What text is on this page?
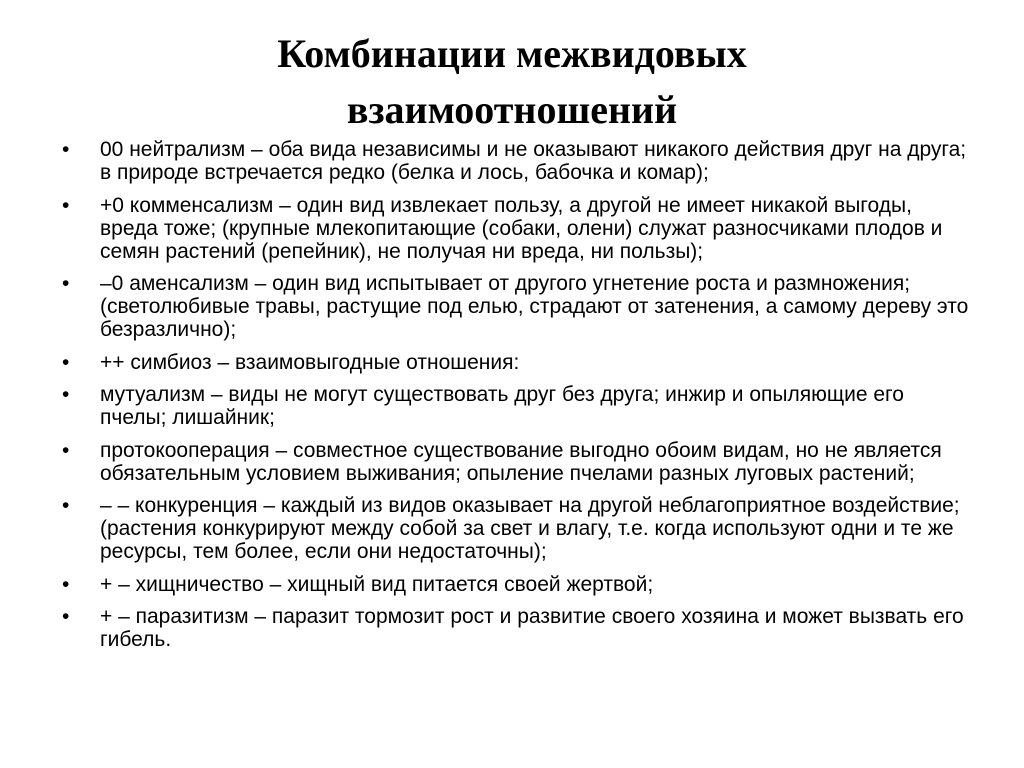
Комбинации межвидовых взаимоотношений
• 00 нейтрализм – оба вида независимы и не оказывают никакого действия друг на друга; в природе встречается редко (белка и лось, бабочка и комар);
• +0 комменсализм – один вид извлекает пользу, а другой не имеет никакой выгоды, вреда тоже; (крупные млекопитающие (собаки, олени) служат разносчиками плодов и семян растений (репейник), не получая ни вреда, ни пользы);
• –0 аменсализм – один вид испытывает от другого угнетение роста и размножения; (светолюбивые травы, растущие под елью, страдают от затенения, а самому дереву это безразлично);
• ++ симбиоз – взаимовыгодные отношения:
• мутуализм – виды не могут существовать друг без друга; инжир и опыляющие его пчелы; лишайник;
• протокооперация – совместное существование выгодно обоим видам, но не является обязательным условием выживания; опыление пчелами разных луговых растений;
• – – конкуренция – каждый из видов оказывает на другой неблагоприятное воздействие; (растения конкурируют между собой за свет и влагу, т.е. когда используют одни и те же ресурсы, тем более, если они недостаточны);
• + – хищничество – хищный вид питается своей жертвой;
• + – паразитизм – паразит тормозит рост и развитие своего хозяина и может вызвать его гибель.
